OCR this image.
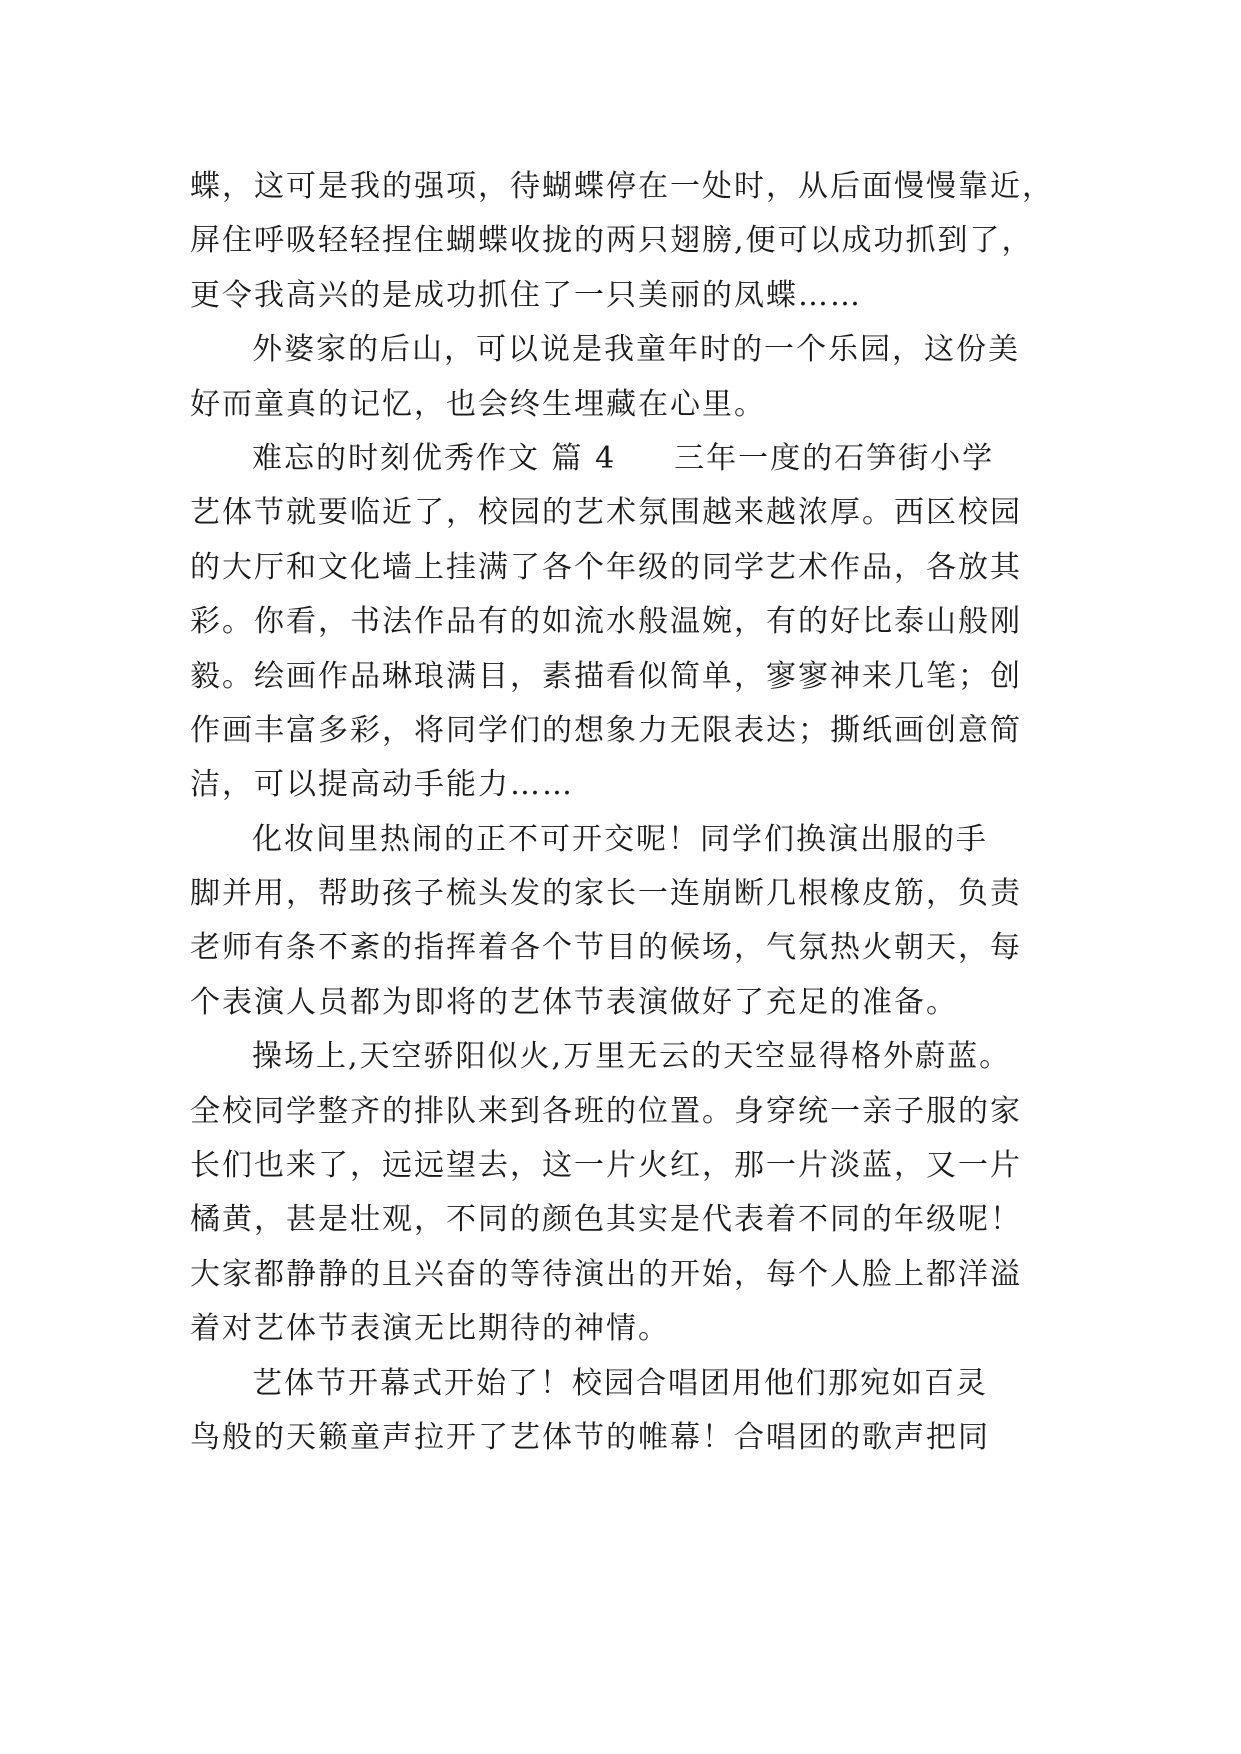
蝶，这可是我的强项，待蝴蝶停在一处时，从后面慢慢靠近，
屏住呼吸轻轻捏住蝴蝶收拢的两只翅膀,便可以成功抓到了，
更令我高兴的是成功抓住了一只美丽的凤蝶……
外婆家的后山，可以说是我童年时的一个乐园，这份美
好而童真的记忆，也会终生埋藏在心里。
难忘的时刻优秀作文 篇 4 三年一度的石笋街小学
艺体节就要临近了，校园的艺术氛围越来越浓厚。西区校园
的大厅和文化墙上挂满了各个年级的同学艺术作品，各放其
彩。你看，书法作品有的如流水般温婉，有的好比泰山般刚
毅。绘画作品琳琅满目，素描看似简单，寥寥神来几笔；创
作画丰富多彩，将同学们的想象力无限表达；撕纸画创意简
洁，可以提高动手能力……
化妆间里热闹的正不可开交呢！同学们换演出服的手
脚并用，帮助孩子梳头发的家长一连崩断几根橡皮筋，负责
老师有条不紊的指挥着各个节目的候场，气氛热火朝天，每
个表演人员都为即将的艺体节表演做好了充足的准备。
操场上,天空骄阳似火,万里无云的天空显得格外蔚蓝。
全校同学整齐的排队来到各班的位置。身穿统一亲子服的家
长们也来了，远远望去，这一片火红，那一片淡蓝，又一片
橘黄，甚是壮观，不同的颜色其实是代表着不同的年级呢！
大家都静静的且兴奋的等待演出的开始，每个人脸上都洋溢
着对艺体节表演无比期待的神情。
艺体节开幕式开始了！校园合唱团用他们那宛如百灵
鸟般的天籁童声拉开了艺体节的帷幕！合唱团的歌声把同
